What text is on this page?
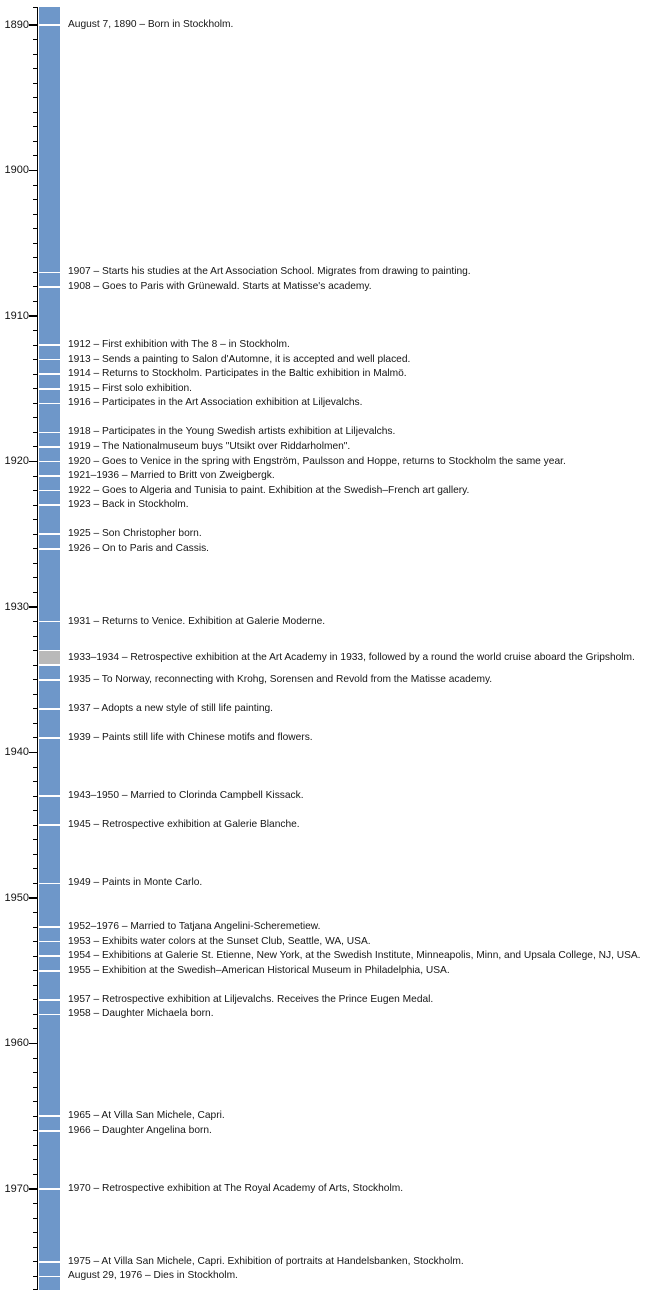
1890
1900
1910
1920
1930
1940
1950
1960
1970
August 7, 1890 – Born in Stockholm.
1907 – Starts his studies at the Art Association School. Migrates from drawing to painting.
1908 – Goes to Paris with Grünewald. Starts at Matisse's academy.
1912 – First exhibition with The 8 – in Stockholm.
1913 – Sends a painting to Salon d'Automne, it is accepted and well placed.
1914 – Returns to Stockholm. Participates in the Baltic exhibition in Malmö.
1915 – First solo exhibition.
1916 – Participates in the Art Association exhibition at Liljevalchs.
1918 – Participates in the Young Swedish artists exhibition at Liljevalchs.
1919 – The Nationalmuseum buys "Utsikt over Riddarholmen".
1920 – Goes to Venice in the spring with Engström, Paulsson and Hoppe, returns to Stockholm the same year.
1921–1936 – Married to Britt von Zweigbergk.
1922 – Goes to Algeria and Tunisia to paint. Exhibition at the Swedish–French art gallery.
1923 – Back in Stockholm.
1925 – Son Christopher born.
1926 – On to Paris and Cassis.
1931 – Returns to Venice. Exhibition at Galerie Moderne.
1933–1934 – Retrospective exhibition at the Art Academy in 1933, followed by a round the world cruise aboard the Gripsholm.
1935 – To Norway, reconnecting with Krohg, Sorensen and Revold from the Matisse academy.
1937 – Adopts a new style of still life painting.
1939 – Paints still life with Chinese motifs and flowers.
1943–1950 – Married to Clorinda Campbell Kissack.
1945 – Retrospective exhibition at Galerie Blanche.
1949 – Paints in Monte Carlo.
1952–1976 – Married to Tatjana Angelini-Scheremetiew.
1953 – Exhibits water colors at the Sunset Club, Seattle, WA, USA.
1954 – Exhibitions at Galerie St. Etienne, New York, at the Swedish Institute, Minneapolis, Minn, and Upsala College, NJ, USA.
1955 – Exhibition at the Swedish–American Historical Museum in Philadelphia, USA.
1957 – Retrospective exhibition at Liljevalchs. Receives the Prince Eugen Medal.
1958 – Daughter Michaela born.
1965 – At Villa San Michele, Capri.
1966 – Daughter Angelina born.
1970 – Retrospective exhibition at The Royal Academy of Arts, Stockholm.
1975 – At Villa San Michele, Capri. Exhibition of portraits at Handelsbanken, Stockholm.
August 29, 1976 – Dies in Stockholm.
